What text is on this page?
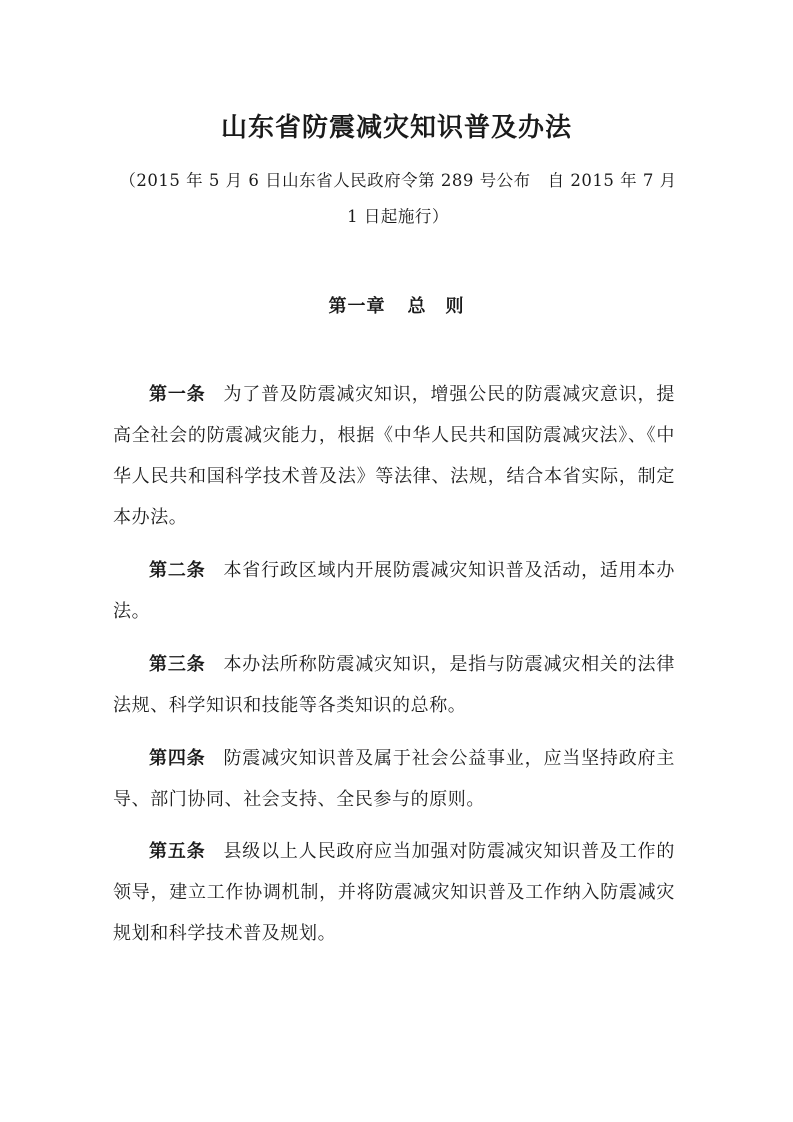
山东省防震减灾知识普及办法
（2015 年 5 月 6 日山东省人民政府令第 289 号公布　自 2015 年 7 月 1 日起施行）
第一章 总　则

第一条 为了普及防震减灾知识，增强公民的防震减灾意识，提高全社会的防震减灾能力，根据《中华人民共和国防震减灾法》、《中华人民共和国科学技术普及法》等法律、法规，结合本省实际，制定本办法。

第二条 本省行政区域内开展防震减灾知识普及活动，适用本办法。

第三条 本办法所称防震减灾知识，是指与防震减灾相关的法律法规、科学知识和技能等各类知识的总称。

第四条 防震减灾知识普及属于社会公益事业，应当坚持政府主导、部门协同、社会支持、全民参与的原则。

第五条 县级以上人民政府应当加强对防震减灾知识普及工作的领导，建立工作协调机制，并将防震减灾知识普及工作纳入防震减灾规划和科学技术普及规划。
